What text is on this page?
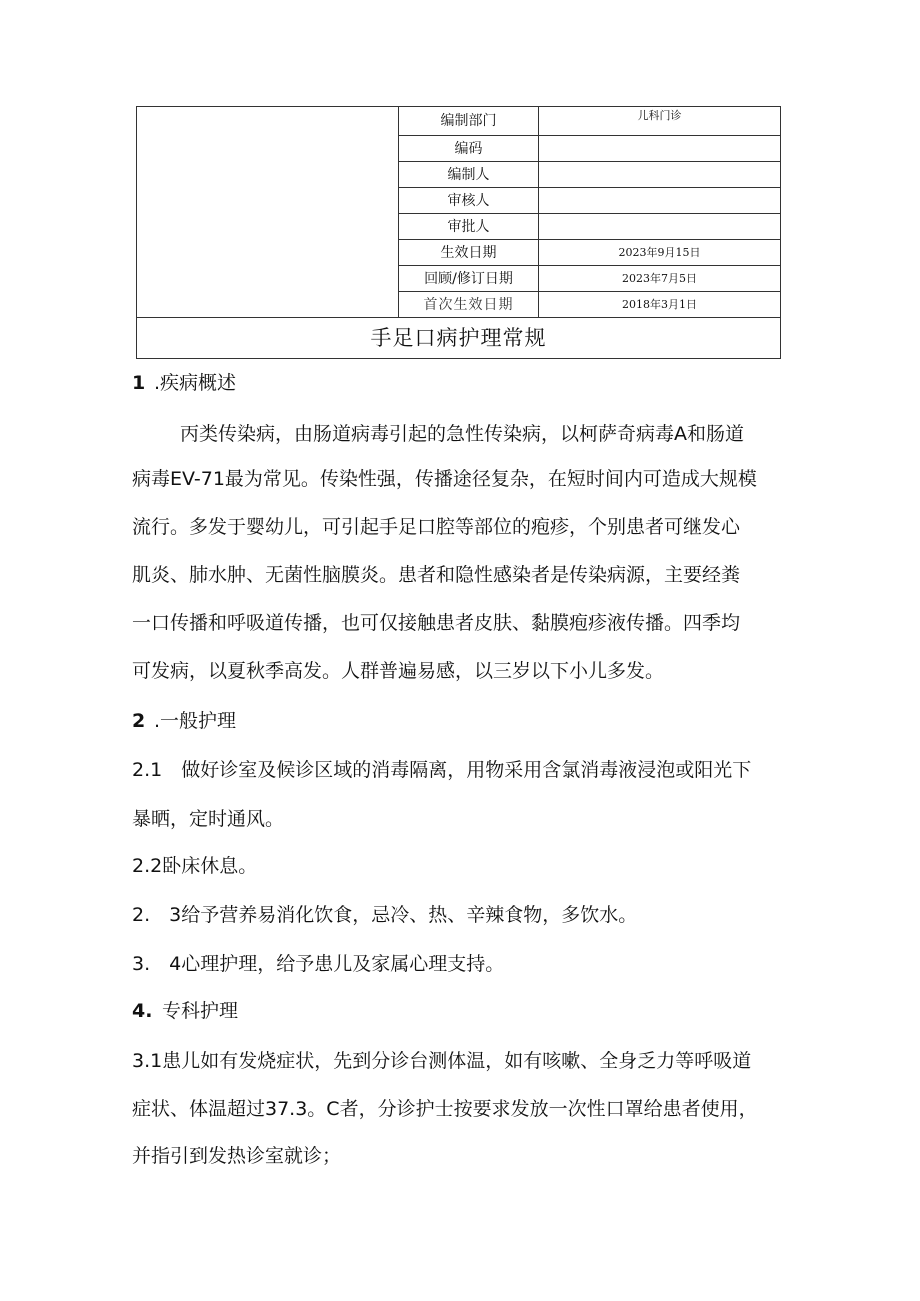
	编制部门	儿科门诊
	编码	
	编制人	
	审核人	
	审批人	
	生效日期	2023年9月15日
	回顾/修订日期	2023年7月5日
	首次生效日期	2018年3月1日
手足口病护理常规		
1 .疾病概述
丙类传染病，由肠道病毒引起的急性传染病，以柯萨奇病毒A和肠道
病毒EV-71最为常见。传染性强，传播途径复杂，在短时间内可造成大规模
流行。多发于婴幼儿，可引起手足口腔等部位的疱疹，个别患者可继发心
肌炎、肺水肿、无菌性脑膜炎。患者和隐性感染者是传染病源，主要经粪
一口传播和呼吸道传播，也可仅接触患者皮肤、黏膜疱疹液传播。四季均
可发病，以夏秋季高发。人群普遍易感，以三岁以下小儿多发。
2 .一般护理
2.1　做好诊室及候诊区域的消毒隔离，用物采用含氯消毒液浸泡或阳光下
暴晒，定时通风。
2.2卧床休息。
2.　3给予营养易消化饮食，忌冷、热、辛辣食物，多饮水。
3.　4心理护理，给予患儿及家属心理支持。
4. 专科护理
3.1患儿如有发烧症状，先到分诊台测体温，如有咳嗽、全身乏力等呼吸道
症状、体温超过37.3。C者，分诊护士按要求发放一次性口罩给患者使用，
并指引到发热诊室就诊；
